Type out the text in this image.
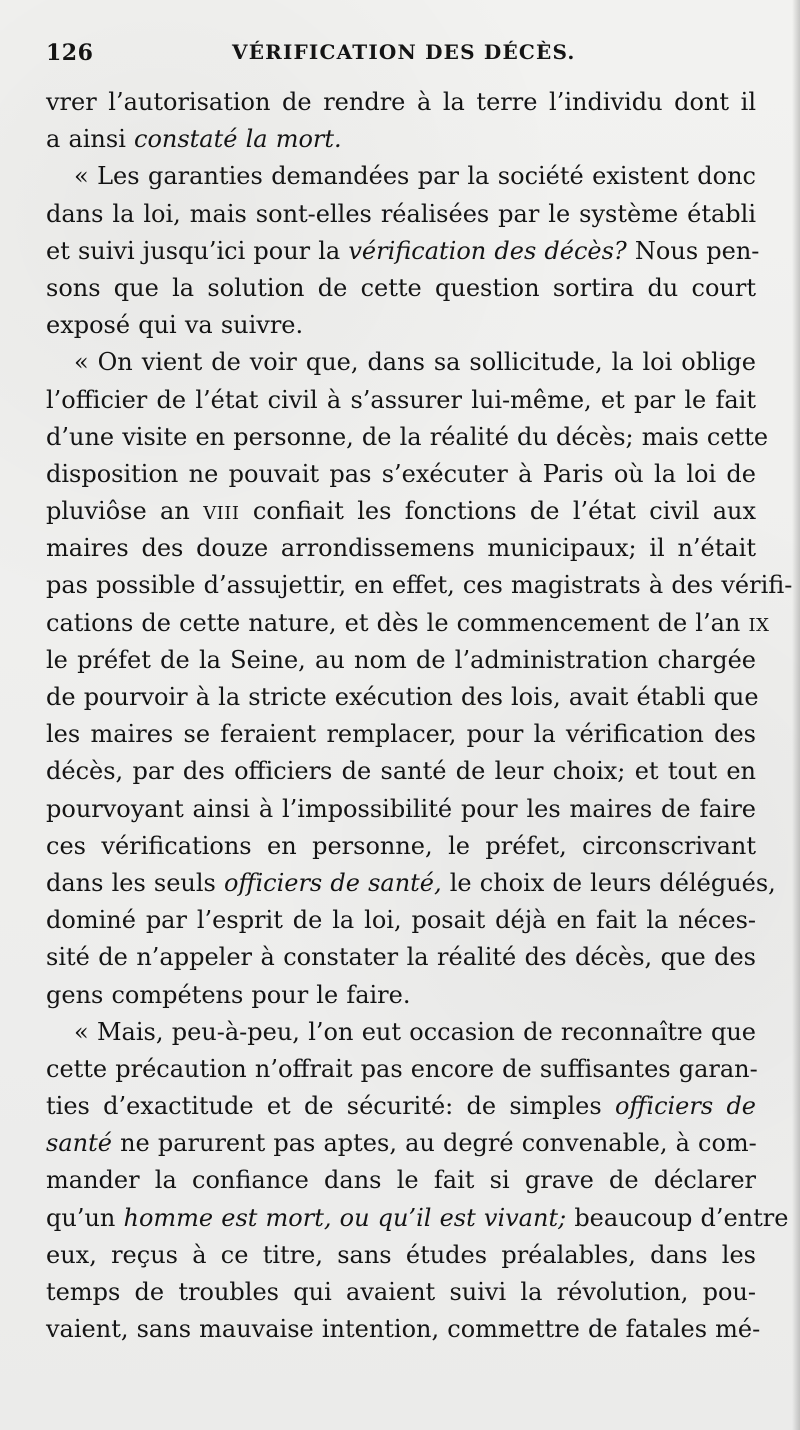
126	VÉRIFICATION DES DÉCÈS.
vrer l’autorisation de rendre à la terre l’individu dont il
a ainsi constaté la mort.
« Les garanties demandées par la société existent donc
dans la loi, mais sont-elles réalisées par le système établi
et suivi jusqu’ici pour la vérification des décès? Nous pen-
sons que la solution de cette question sortira du court
exposé qui va suivre.
« On vient de voir que, dans sa sollicitude, la loi oblige
l’officier de l’état civil à s’assurer lui-même, et par le fait
d’une visite en personne, de la réalité du décès; mais cette
disposition ne pouvait pas s’exécuter à Paris où la loi de
pluviôse an VIII confiait les fonctions de l’état civil aux
maires des douze arrondissemens municipaux; il n’était
pas possible d’assujettir, en effet, ces magistrats à des vérifi-
cations de cette nature, et dès le commencement de l’an IX
le préfet de la Seine, au nom de l’administration chargée
de pourvoir à la stricte exécution des lois, avait établi que
les maires se feraient remplacer, pour la vérification des
décès, par des officiers de santé de leur choix; et tout en
pourvoyant ainsi à l’impossibilité pour les maires de faire
ces vérifications en personne, le préfet, circonscrivant
dans les seuls officiers de santé, le choix de leurs délégués,
dominé par l’esprit de la loi, posait déjà en fait la néces-
sité de n’appeler à constater la réalité des décès, que des
gens compétens pour le faire.
« Mais, peu-à-peu, l’on eut occasion de reconnaître que
cette précaution n’offrait pas encore de suffisantes garan-
ties d’exactitude et de sécurité: de simples officiers de
santé ne parurent pas aptes, au degré convenable, à com-
mander la confiance dans le fait si grave de déclarer
qu’un homme est mort, ou qu’il est vivant; beaucoup d’entre
eux, reçus à ce titre, sans études préalables, dans les
temps de troubles qui avaient suivi la révolution, pou-
vaient, sans mauvaise intention, commettre de fatales mé-
